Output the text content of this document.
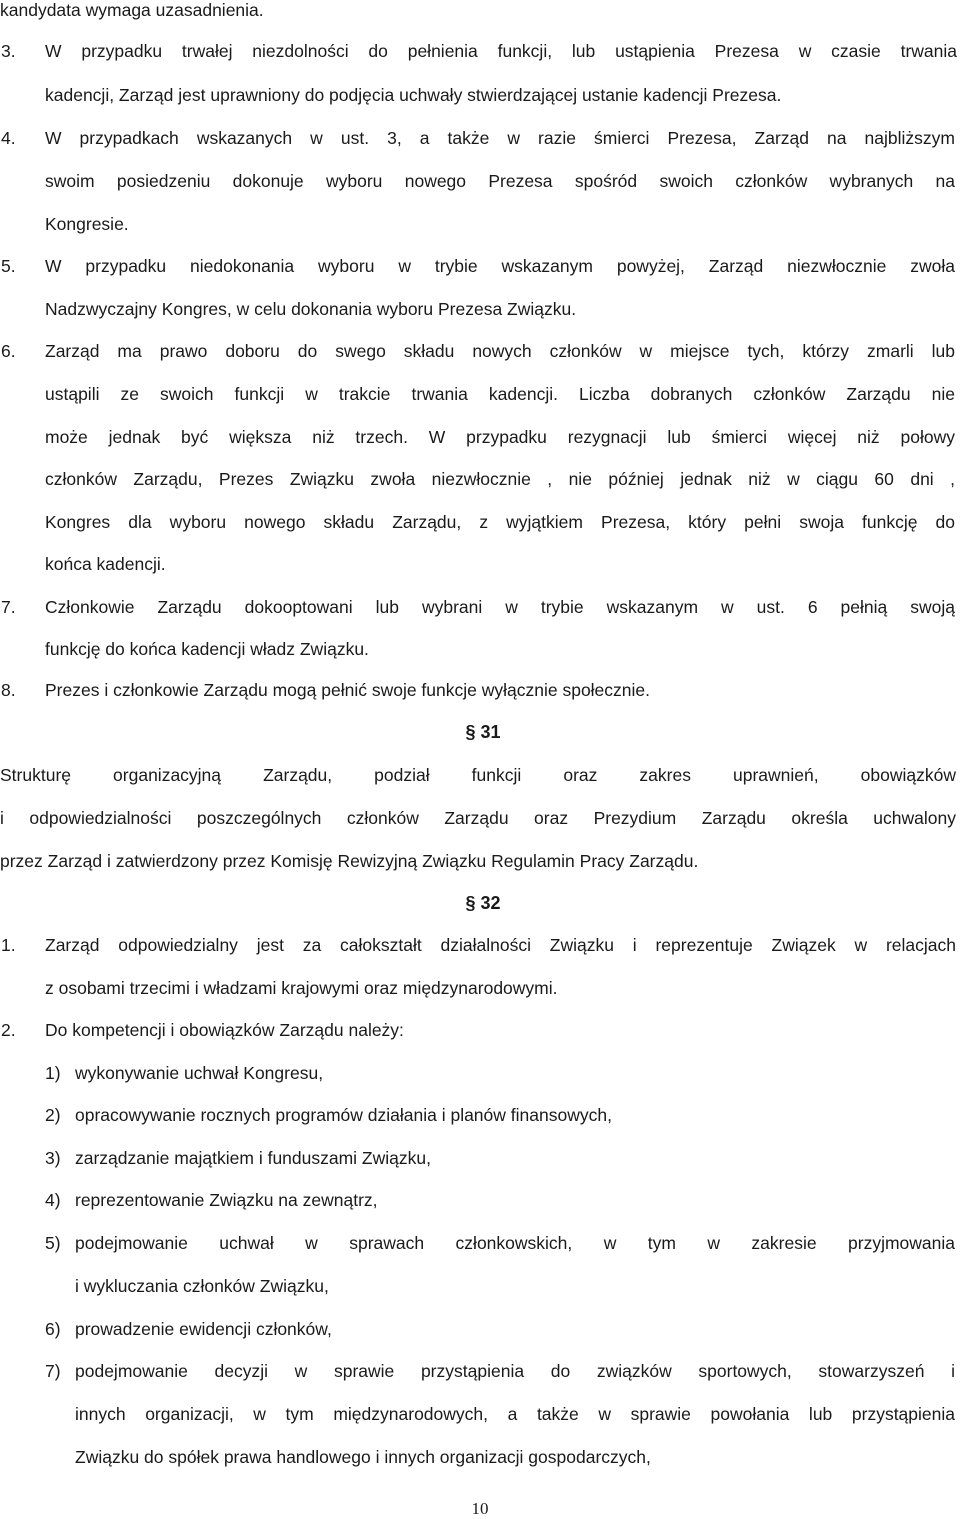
kandydata wymaga uzasadnienia.
3. W przypadku trwałej niezdolności do pełnienia funkcji, lub ustąpienia Prezesa w czasie trwania
kadencji, Zarząd jest uprawniony do podjęcia uchwały stwierdzającej ustanie kadencji Prezesa.
4. W przypadkach wskazanych w ust. 3, a także w razie śmierci Prezesa, Zarząd na najbliższym
swoim posiedzeniu dokonuje wyboru nowego Prezesa spośród swoich członków wybranych na
Kongresie.
5. W przypadku niedokonania wyboru w trybie wskazanym powyżej, Zarząd niezwłocznie zwoła
Nadzwyczajny Kongres, w celu dokonania wyboru Prezesa Związku.
6. Zarząd ma prawo doboru do swego składu nowych członków w miejsce tych, którzy zmarli lub
ustąpili ze swoich funkcji w trakcie trwania kadencji. Liczba dobranych członków Zarządu nie
może jednak być większa niż trzech. W przypadku rezygnacji lub śmierci więcej niż połowy
członków Zarządu, Prezes Związku zwoła niezwłocznie , nie później jednak niż w ciągu 60 dni ,
Kongres dla wyboru nowego składu Zarządu, z wyjątkiem Prezesa, który pełni swoja funkcję do
końca kadencji.
7. Członkowie Zarządu dokooptowani lub wybrani w trybie wskazanym w ust. 6 pełnią swoją
funkcję do końca kadencji władz Związku.
8. Prezes i członkowie Zarządu mogą pełnić swoje funkcje wyłącznie społecznie.
§ 31
Strukturę organizacyjną Zarządu, podział funkcji oraz zakres uprawnień, obowiązków
i odpowiedzialności poszczególnych członków Zarządu oraz Prezydium Zarządu określa uchwalony
przez Zarząd i zatwierdzony przez Komisję Rewizyjną Związku Regulamin Pracy Zarządu.
§ 32
1. Zarząd odpowiedzialny jest za całokształt działalności Związku i reprezentuje Związek w relacjach
z osobami trzecimi i władzami krajowymi oraz międzynarodowymi.
2. Do kompetencji i obowiązków Zarządu należy:
1) wykonywanie uchwał Kongresu,
2) opracowywanie rocznych programów działania i planów finansowych,
3) zarządzanie majątkiem i funduszami Związku,
4) reprezentowanie Związku na zewnątrz,
5) podejmowanie uchwał w sprawach członkowskich, w tym w zakresie przyjmowania
i wykluczania członków Związku,
6) prowadzenie ewidencji członków,
7) podejmowanie decyzji w sprawie przystąpienia do związków sportowych, stowarzyszeń i
innych organizacji, w tym międzynarodowych, a także w sprawie powołania lub przystąpienia
Związku do spółek prawa handlowego i innych organizacji gospodarczych,
10
